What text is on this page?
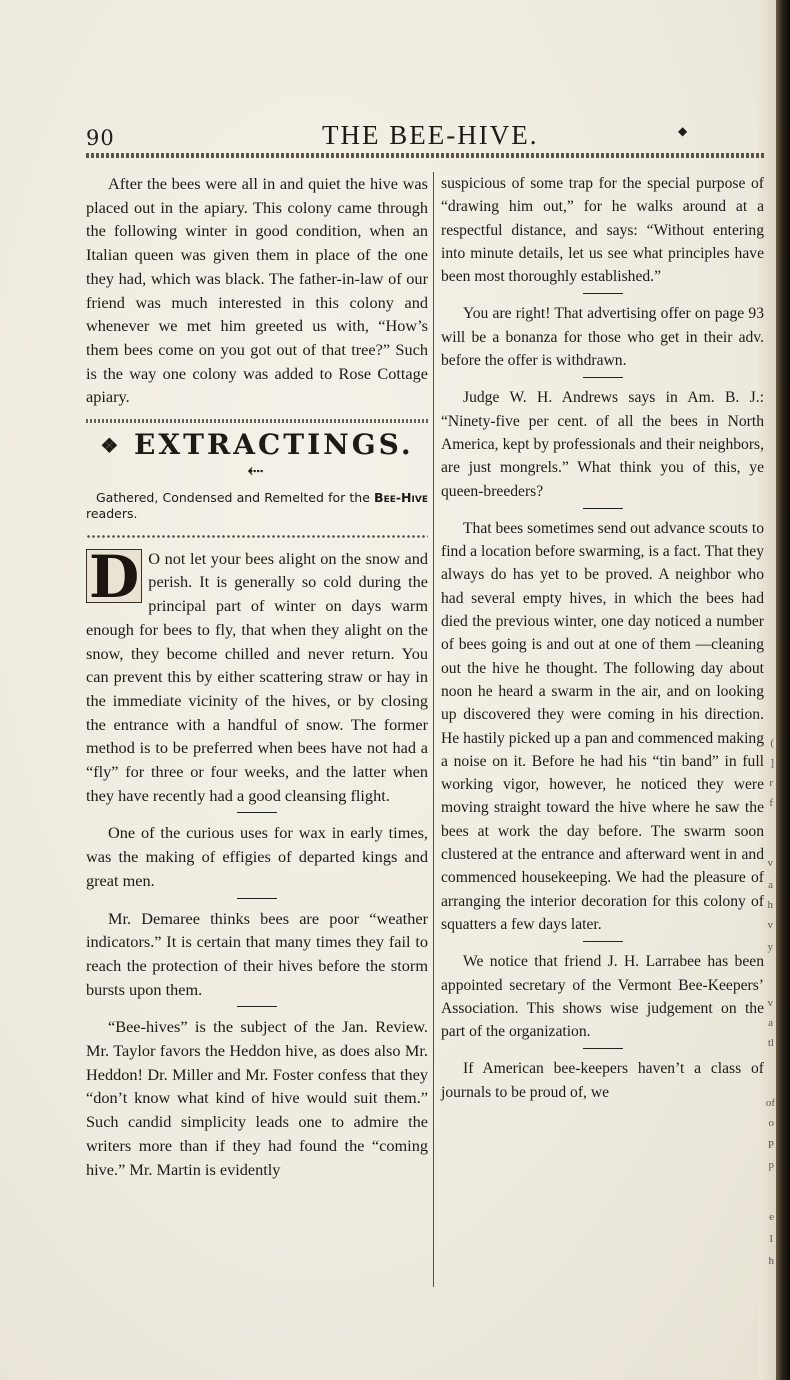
(
]
r
f
v
a
h
v
y
v
a
tl
of
o
P
p
e
I
h
90	THE BEE-HIVE.	◆

After the bees were all in and quiet the hive was placed out in the apiary. This colony came through the following winter in good condition, when an Italian queen was given them in place of the one they had, which was black. The father-in-law of our friend was much interested in this colony and whenever we met him greeted us with, “How’s them bees come on you got out of that tree?” Such is the way one colony was added to Rose Cottage apiary.

❖ EXTRACTINGS. ⇠

Gathered, Condensed and Remelted for the Bee-Hive readers.

D O not let your bees alight on the snow and perish. It is generally so cold during the principal part of winter on days warm enough for bees to fly, that when they alight on the snow, they become chilled and never return. You can prevent this by either scattering straw or hay in the immediate vicinity of the hives, or by closing the entrance with a handful of snow. The former method is to be preferred when bees have not had a “fly” for three or four weeks, and the latter when they have recently had a good cleansing flight.

One of the curious uses for wax in early times, was the making of effigies of departed kings and great men.

Mr. Demaree thinks bees are poor “weather indicators.” It is certain that many times they fail to reach the protection of their hives before the storm bursts upon them.

“Bee-hives” is the subject of the Jan. Review. Mr. Taylor favors the Heddon hive, as does also Mr. Heddon! Dr. Miller and Mr. Foster confess that they “don’t know what kind of hive would suit them.” Such candid simplicity leads one to admire the writers more than if they had found the “coming hive.” Mr. Martin is evidently

suspicious of some trap for the special purpose of “drawing him out,” for he walks around at a respectful distance, and says: “Without entering into minute details, let us see what principles have been most thoroughly established.”

You are right! That advertising offer on page 93 will be a bonanza for those who get in their adv. before the offer is withdrawn.

Judge W. H. Andrews says in Am. B. J.: “Ninety-five per cent. of all the bees in North America, kept by professionals and their neighbors, are just mongrels.” What think you of this, ye queen-breeders?

That bees sometimes send out advance scouts to find a location before swarming, is a fact. That they always do has yet to be proved. A neighbor who had several empty hives, in which the bees had died the previous winter, one day noticed a number of bees going is and out at one of them —cleaning out the hive he thought. The following day about noon he heard a swarm in the air, and on looking up discovered they were coming in his direction. He hastily picked up a pan and commenced making a noise on it. Before he had his “tin band” in full working vigor, however, he noticed they were moving straight toward the hive where he saw the bees at work the day before. The swarm soon clustered at the entrance and afterward went in and commenced housekeeping. We had the pleasure of arranging the interior decoration for this colony of squatters a few days later.

We notice that friend J. H. Larrabee has been appointed secretary of the Vermont Bee-Keepers’ Association. This shows wise judgement on the part of the organization.

If American bee-keepers haven’t a class of journals to be proud of, we
